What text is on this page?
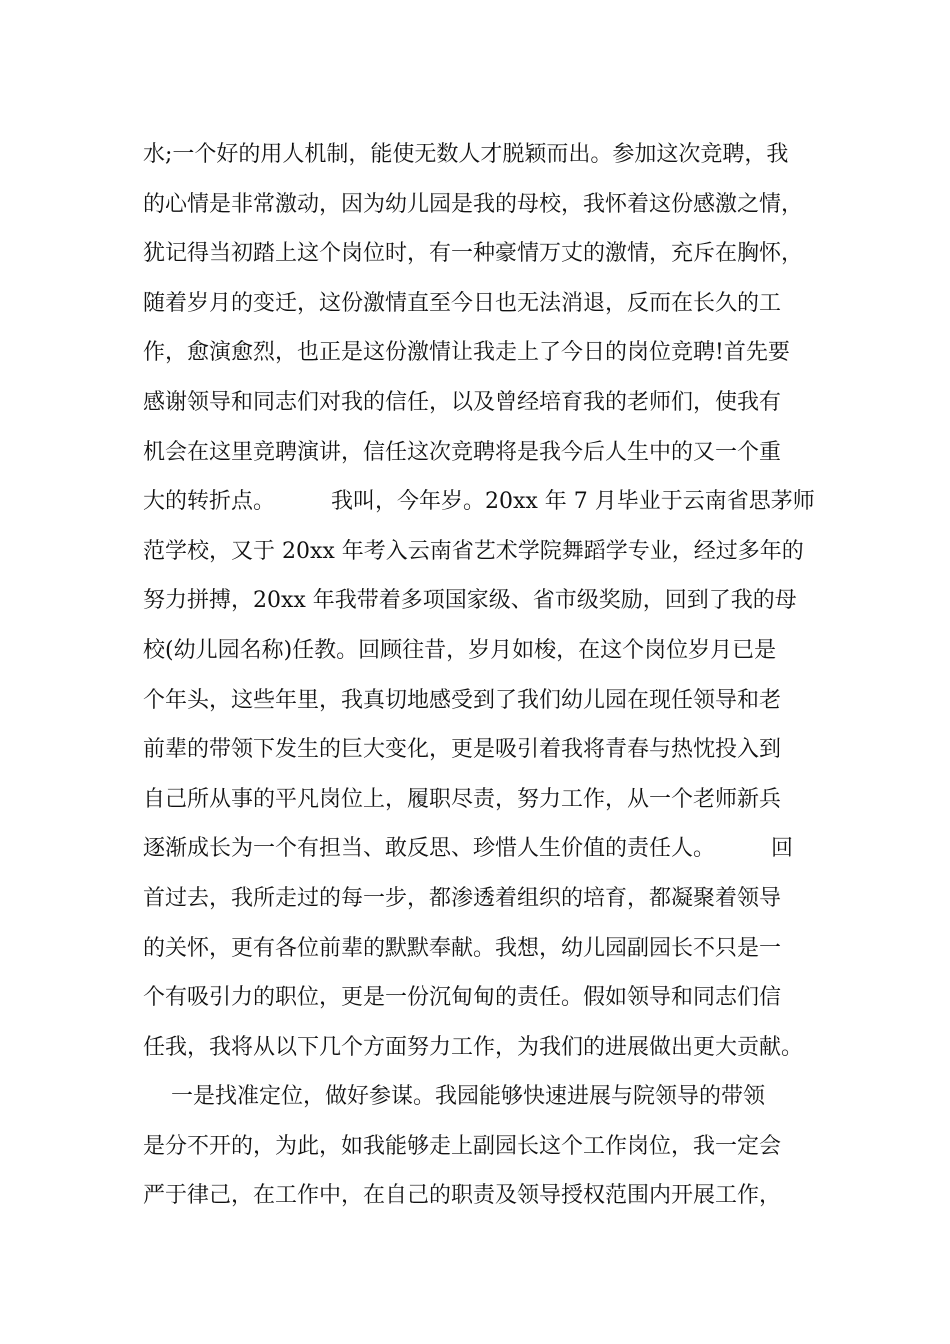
水;一个好的用人机制，能使无数人才脱颖而出。参加这次竞聘，我
的心情是非常激动，因为幼儿园是我的母校，我怀着这份感激之情，
犹记得当初踏上这个岗位时，有一种豪情万丈的激情，充斥在胸怀，
随着岁月的变迁，这份激情直至今日也无法消退，反而在长久的工
作，愈演愈烈，也正是这份激情让我走上了今日的岗位竞聘!首先要
感谢领导和同志们对我的信任，以及曾经培育我的老师们，使我有
机会在这里竞聘演讲，信任这次竞聘将是我今后人生中的又一个重
大的转折点。        我叫，今年岁。20xx 年 7 月毕业于云南省思茅师
范学校，又于 20xx 年考入云南省艺术学院舞蹈学专业，经过多年的
努力拼搏，20xx 年我带着多项国家级、省市级奖励，回到了我的母
校(幼儿园名称)任教。回顾往昔，岁月如梭，在这个岗位岁月已是
个年头，这些年里，我真切地感受到了我们幼儿园在现任领导和老
前辈的带领下发生的巨大变化，更是吸引着我将青春与热忱投入到
自己所从事的平凡岗位上，履职尽责，努力工作，从一个老师新兵
逐渐成长为一个有担当、敢反思、珍惜人生价值的责任人。        回
首过去，我所走过的每一步，都渗透着组织的培育，都凝聚着领导
的关怀，更有各位前辈的默默奉献。我想，幼儿园副园长不只是一
个有吸引力的职位，更是一份沉甸甸的责任。假如领导和同志们信
任我，我将从以下几个方面努力工作，为我们的进展做出更大贡献。
一是找准定位，做好参谋。我园能够快速进展与院领导的带领
是分不开的，为此，如我能够走上副园长这个工作岗位，我一定会
严于律己，在工作中，在自己的职责及领导授权范围内开展工作，
